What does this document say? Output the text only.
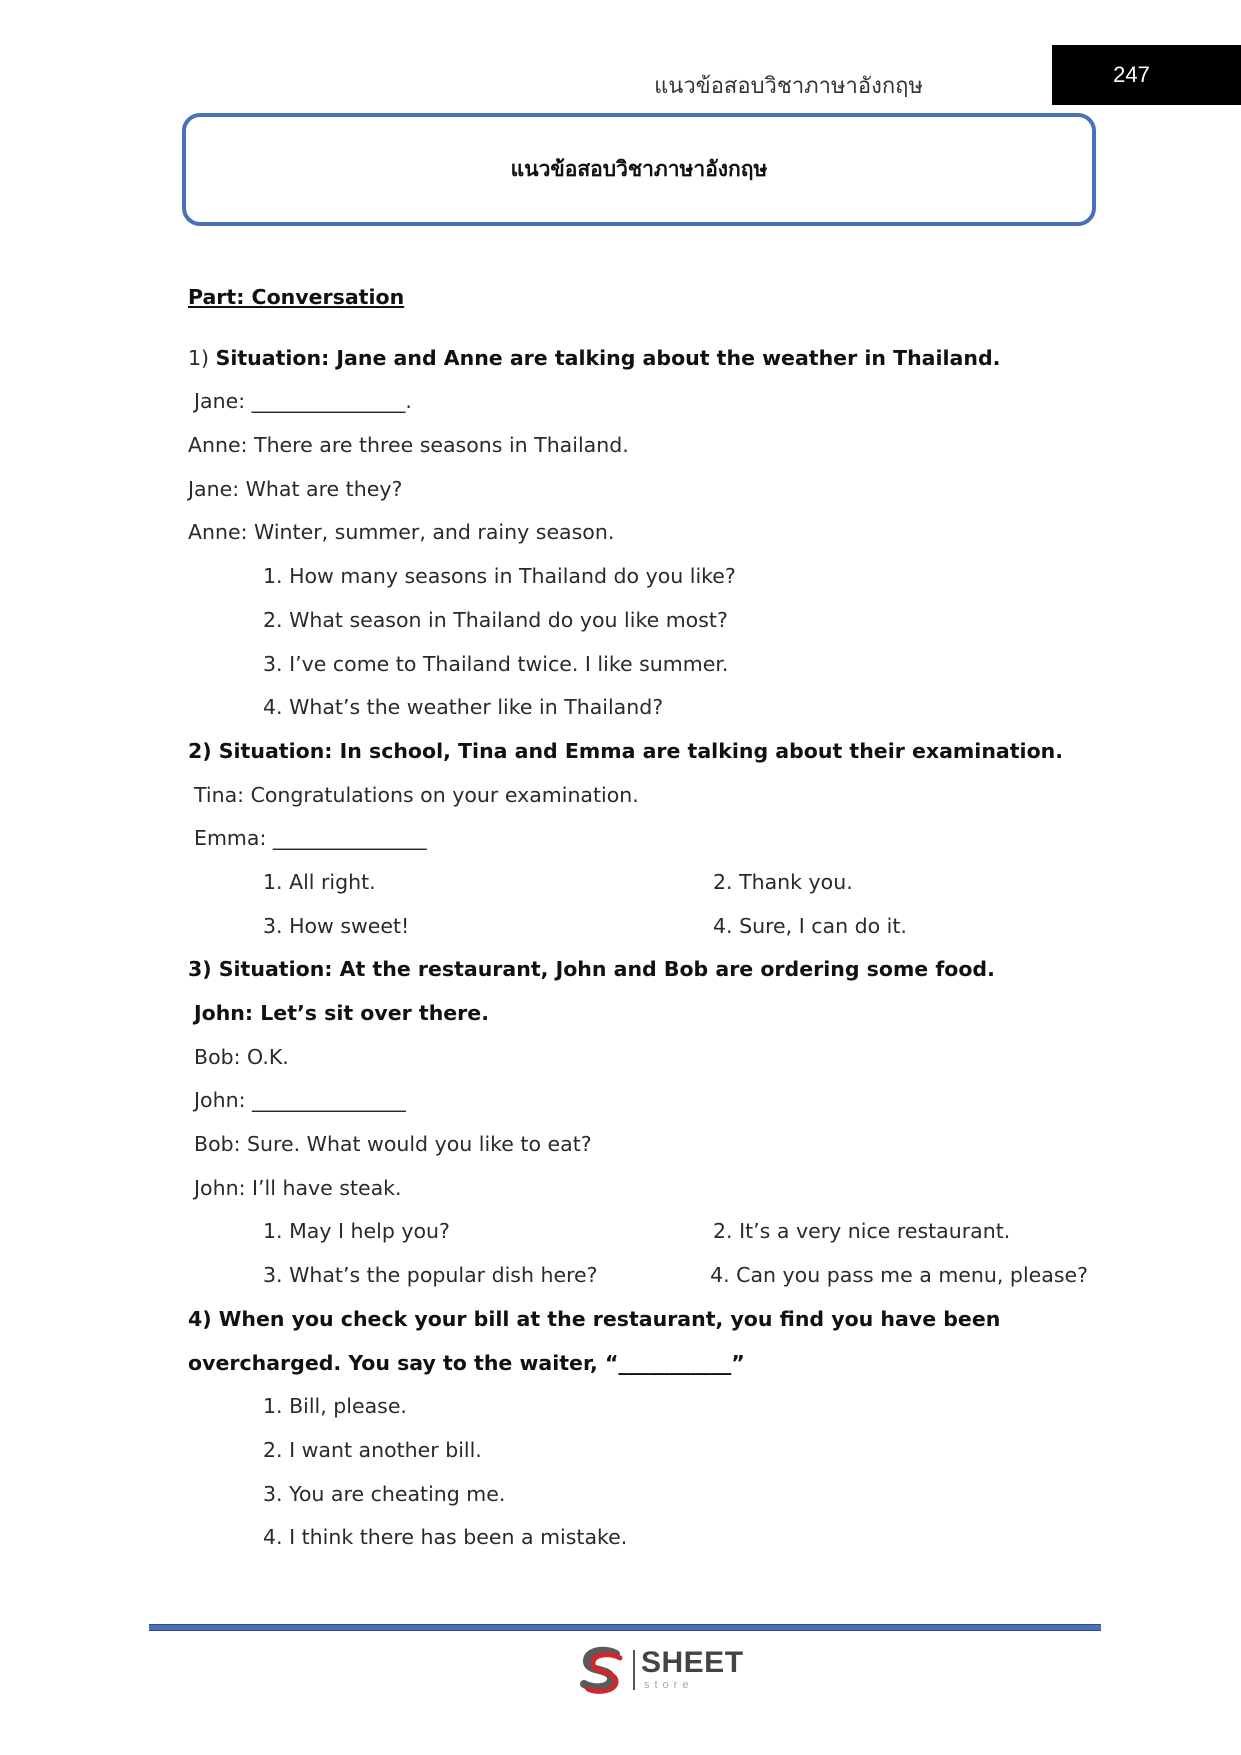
แนวข้อสอบวิชาภาษาอังกฤษ	247
แนวข้อสอบวิชาภาษาอังกฤษ
Part: Conversation
1) Situation: Jane and Anne are talking about the weather in Thailand.
Jane: _______________.
Anne: There are three seasons in Thailand.
Jane: What are they?
Anne: Winter, summer, and rainy season.
1. How many seasons in Thailand do you like?
2. What season in Thailand do you like most?
3. I’ve come to Thailand twice. I like summer.
4. What’s the weather like in Thailand?
2) Situation: In school, Tina and Emma are talking about their examination.
Tina: Congratulations on your examination.
Emma: _______________
1. All right.	2. Thank you.
3. How sweet!	4. Sure, I can do it.
3) Situation: At the restaurant, John and Bob are ordering some food.
John: Let’s sit over there.
Bob: O.K.
John: _______________
Bob: Sure. What would you like to eat?
John: I’ll have steak.
1. May I help you?	2. It’s a very nice restaurant.
3. What’s the popular dish here?	4. Can you pass me a menu, please?
4) When you check your bill at the restaurant, you find you have been
overcharged. You say to the waiter, “___________”
1. Bill, please.
2. I want another bill.
3. You are cheating me.
4. I think there has been a mistake.
SHEET
store
